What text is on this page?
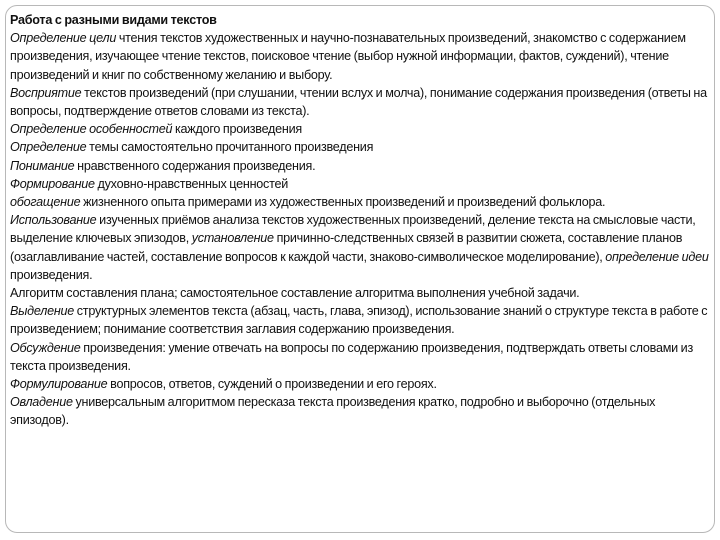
Работа с разными видами текстов
Определение цели чтения текстов художественных и научно-познавательных произведений, знакомство с содержанием произведения, изучающее чтение текстов, поисковое чтение (выбор нужной информации, фактов, суждений), чтение произведений и книг по собственному желанию и выбору.
Восприятие текстов произведений (при слушании, чтении вслух и молча), понимание содержания произведения (ответы на вопросы, подтверждение ответов словами из текста).
Определение особенностей каждого произведения
Определение темы самостоятельно прочитанного произведения
Понимание нравственного содержания произведения.
Формирование духовно-нравственных ценностей
обогащение жизненного опыта примерами из художественных произведений и произведений фольклора.
Использование изученных приёмов анализа текстов художественных произведений, деление текста на смысловые части, выделение ключевых эпизодов, установление причинно-следственных связей в развитии сюжета, составление планов (озаглавливание частей, составление вопросов к каждой части, знаково-символическое моделирование), определение идеи произведения.
Алгоритм составления плана; самостоятельное составление алгоритма выполнения учебной задачи.
Выделение структурных элементов текста (абзац, часть, глава, эпизод), использование знаний о структуре текста в работе с произведением; понимание соответствия заглавия содержанию произведения.
Обсуждение произведения: умение отвечать на вопросы по содержанию произведения, подтверждать ответы словами из текста произведения.
Формулирование вопросов, ответов, суждений о произведении и его героях.
Овладение универсальным алгоритмом пересказа текста произведения кратко, подробно и выборочно (отдельных эпизодов).
